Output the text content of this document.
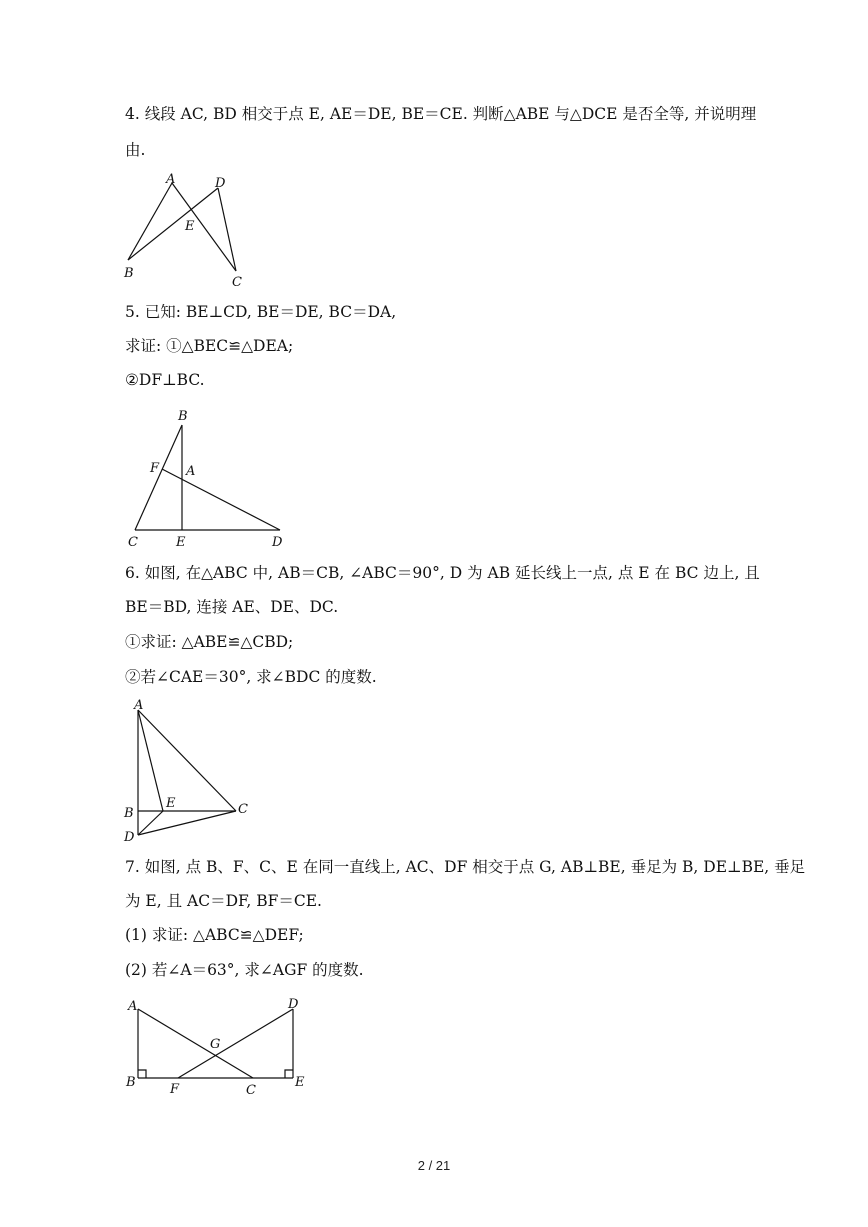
4. 线段 AC, BD 相交于点 E, AE＝DE, BE＝CE. 判断△ABE 与△DCE 是否全等, 并说明理
由.
A	D
E
B
C
5. 已知: BE⊥CD, BE＝DE, BC＝DA,
求证: ①△BEC≌△DEA;
②DF⊥BC.
B
F A
C	E	D
6. 如图, 在△ABC 中, AB＝CB, ∠ABC＝90°, D 为 AB 延长线上一点, 点 E 在 BC 边上, 且
BE＝BD, 连接 AE、DE、DC.
①求证: △ABE≌△CBD;
②若∠CAE＝30°, 求∠BDC 的度数.
A
B
E	C
D
7. 如图, 点 B、F、C、E 在同一直线上, AC、DF 相交于点 G, AB⊥BE, 垂足为 B, DE⊥BE, 垂足
为 E, 且 AC＝DF, BF＝CE.
(1) 求证: △ABC≌△DEF;
(2) 若∠A＝63°, 求∠AGF 的度数.
A	D
G
B	F	C
E
2 / 21
